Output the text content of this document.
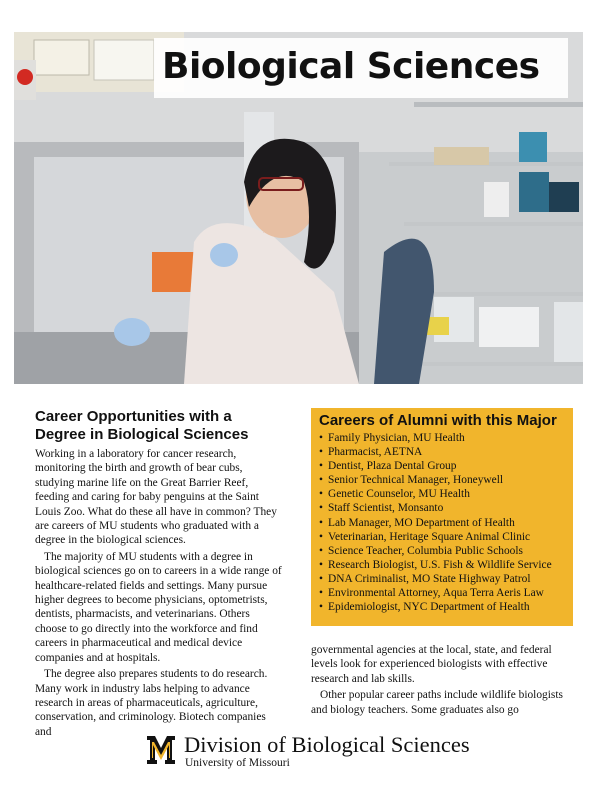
Biological Sciences
Career Opportunities with a Degree in Biological Sciences

Working in a laboratory for cancer research, monitoring the birth and growth of bear cubs, studying marine life on the Great Barrier Reef, feeding and caring for baby penguins at the Saint Louis Zoo. What do these all have in common? They are careers of MU students who graduated with a degree in the biological sciences.

The majority of MU students with a degree in biological sciences go on to careers in a wide range of healthcare-related fields and settings. Many pursue higher degrees to become physicians, optometrists, dentists, pharmacists, and veterinarians. Others choose to go directly into the workforce and find careers in pharmaceutical and medical device companies and at hospitals.

The degree also prepares students to do research. Many work in industry labs helping to advance research in areas of pharmaceuticals, agriculture, conservation, and criminology. Biotech companies and

Careers of Alumni with this Major
• Family Physician, MU Health
• Pharmacist, AETNA
• Dentist, Plaza Dental Group
• Senior Technical Manager, Honeywell
• Genetic Counselor, MU Health
• Staff Scientist, Monsanto
• Lab Manager, MO Department of Health
• Veterinarian, Heritage Square Animal Clinic
• Science Teacher, Columbia Public Schools
• Research Biologist, U.S. Fish & Wildlife Service
• DNA Criminalist, MO State Highway Patrol
• Environmental Attorney, Aqua Terra Aeris Law
• Epidemiologist, NYC Department of Health

governmental agencies at the local, state, and federal levels look for experienced biologists with effective research and lab skills.

Other popular career paths include wildlife biologists and biology teachers. Some graduates also go

Division of Biological Sciences
University of Missouri
